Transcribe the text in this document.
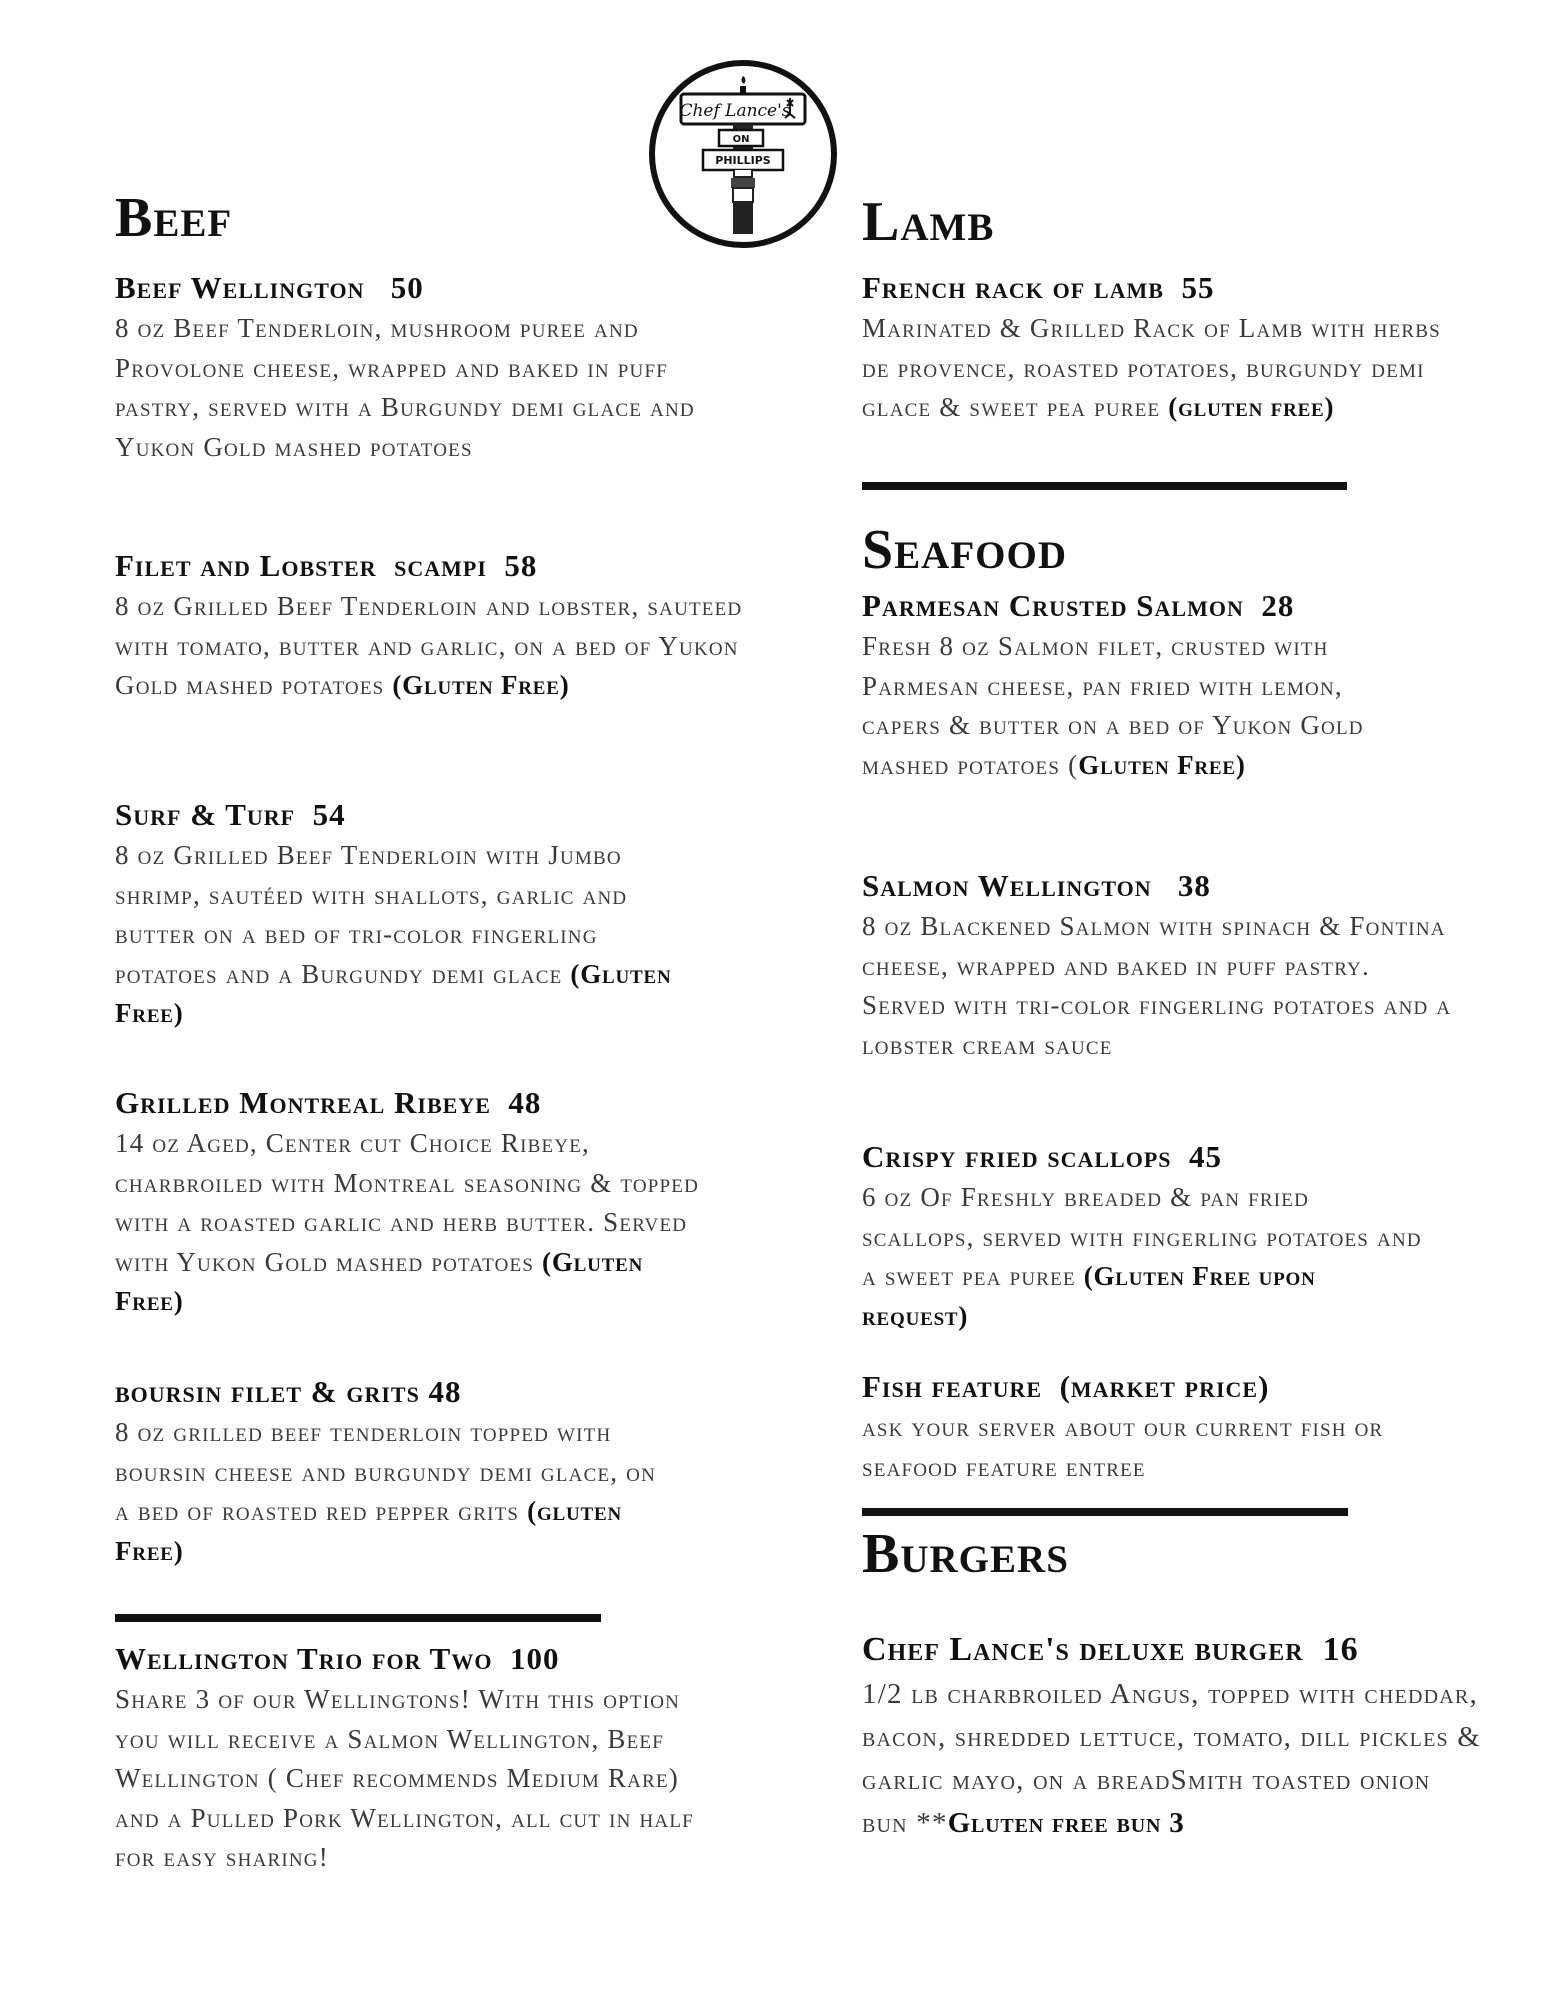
Chef Lance's
ON
PHILLIPS
Beef
Beef Wellington   50
8 oz Beef Tenderloin, mushroom puree and Provolone cheese, wrapped and baked in puff pastry, served with a Burgundy demi glace and Yukon Gold mashed potatoes
Filet and Lobster  scampi  58
8 oz Grilled Beef Tenderloin and lobster, sauteed with tomato, butter and garlic, on a bed of Yukon Gold mashed potatoes (Gluten Free)
Surf & Turf  54
8 oz Grilled Beef Tenderloin with Jumbo shrimp, sautéed with shallots, garlic and butter on a bed of tri-color fingerling potatoes and a Burgundy demi glace (Gluten Free)
Grilled Montreal Ribeye  48
14 oz Aged, Center cut Choice Ribeye, charbroiled with Montreal seasoning & topped with a roasted garlic and herb butter. Served with Yukon Gold mashed potatoes (Gluten Free)
boursin filet & grits 48
8 oz grilled beef tenderloin topped with boursin cheese and burgundy demi glace, on a bed of roasted red pepper grits (gluten Free)
Wellington Trio for Two  100
Share 3 of our Wellingtons! With this option you will receive a Salmon Wellington, Beef Wellington ( Chef recommends Medium Rare) and a Pulled Pork Wellington, all cut in half for easy sharing!
Lamb
French rack of lamb  55
Marinated & Grilled Rack of Lamb with herbs de provence, roasted potatoes, burgundy demi glace & sweet pea puree (gluten free)
Seafood
Parmesan Crusted Salmon  28
Fresh 8 oz Salmon filet, crusted with Parmesan cheese, pan fried with lemon, capers & butter on a bed of Yukon Gold mashed potatoes (Gluten Free)
Salmon Wellington   38
8 oz Blackened Salmon with spinach & Fontina cheese, wrapped and baked in puff pastry. Served with tri-color fingerling potatoes and a lobster cream sauce
Crispy fried scallops  45
6 oz Of Freshly breaded & pan fried scallops, served with fingerling potatoes and a sweet pea puree (Gluten Free upon request)
Fish feature  (market price)
ask your server about our current fish or seafood feature entree
Burgers
Chef Lance's deluxe burger  16
1/2 lb charbroiled Angus, topped with cheddar, bacon, shredded lettuce, tomato, dill pickles & garlic mayo, on a breadSmith toasted onion bun **Gluten free bun 3
